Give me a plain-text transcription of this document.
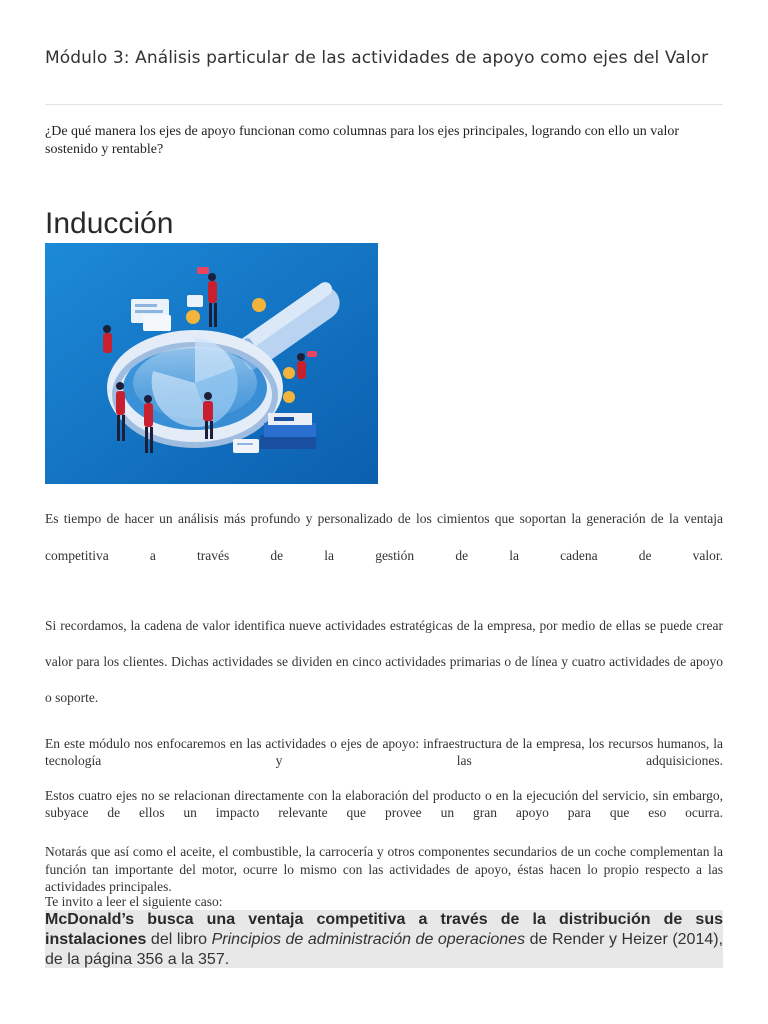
Módulo 3: Análisis particular de las actividades de apoyo como ejes del Valor

¿De qué manera los ejes de apoyo funcionan como columnas para los ejes principales, logrando con ello un valor sostenido y rentable?

Inducción

Es tiempo de hacer un análisis más profundo y personalizado de los cimientos que soportan la generación de la ventaja competitiva a través de la gestión de la cadena de valor.

Si recordamos, la cadena de valor identifica nueve actividades estratégicas de la empresa, por medio de ellas se puede crear valor para los clientes. Dichas actividades se dividen en cinco actividades primarias o de línea y cuatro actividades de apoyo o soporte.

En este módulo nos enfocaremos en las actividades o ejes de apoyo: infraestructura de la empresa, los recursos humanos, la tecnología y las adquisiciones.

Estos cuatro ejes no se relacionan directamente con la elaboración del producto o en la ejecución del servicio, sin embargo, subyace de ellos un impacto relevante que provee un gran apoyo para que eso ocurra.

Notarás que así como el aceite, el combustible, la carrocería y otros componentes secundarios de un coche complementan la función tan importante del motor, ocurre lo mismo con las actividades de apoyo, éstas hacen lo propio respecto a las actividades principales.

Te invito a leer el siguiente caso:

McDonald’s busca una ventaja competitiva a través de la distribución de sus instalaciones del libro Principios de administración de operaciones de Render y Heizer (2014), de la página 356 a la 357.
